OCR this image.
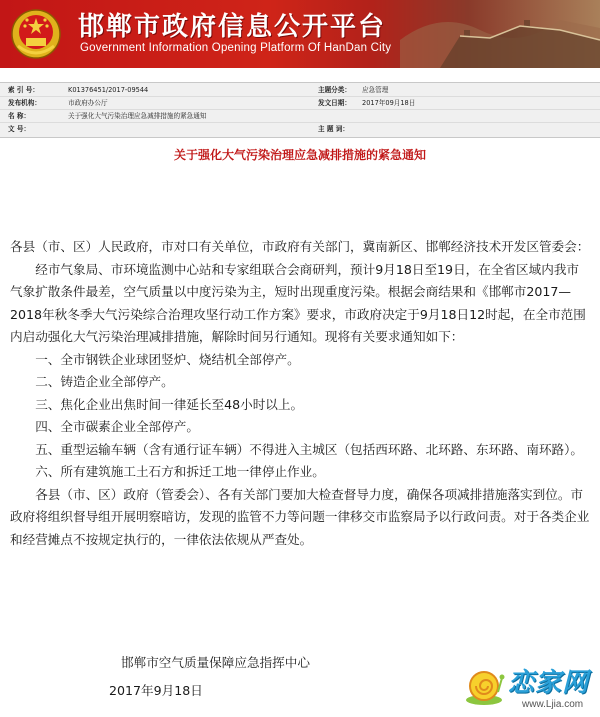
邯郸市政府信息公开平台
Government Information Opening Platform Of HanDan City
索 引 号：	K01376451/2017-09544	主题分类： 应急管理
发布机构：	市政府办公厅	发文日期： 2017年09月18日
名 称：	关于强化大气污染治理应急减排措施的紧急通知
文 号：	主 题 词：
关于强化大气污染治理应急减排措施的紧急通知

各县（市、区）人民政府，市对口有关单位，市政府有关部门，冀南新区、邯郸经济技术开发区管委会：

经市气象局、市环境监测中心站和专家组联合会商研判，预计9月18日至19日，在全省区域内我市气象扩散条件最差，空气质量以中度污染为主，短时出现重度污染。根据会商结果和《邯郸市2017—2018年秋冬季大气污染综合治理攻坚行动工作方案》要求，市政府决定于9月18日12时起，在全市范围内启动强化大气污染治理减排措施，解除时间另行通知。现将有关要求通知如下：

一、全市钢铁企业球团竖炉、烧结机全部停产。

二、铸造企业全部停产。

三、焦化企业出焦时间一律延长至48小时以上。

四、全市碳素企业全部停产。

五、重型运输车辆（含有通行证车辆）不得进入主城区（包括西环路、北环路、东环路、南环路）。

六、所有建筑施工土石方和拆迁工地一律停止作业。

各县（市、区）政府（管委会）、各有关部门要加大检查督导力度，确保各项减排措施落实到位。市政府将组织督导组开展明察暗访，发现的监管不力等问题一律移交市监察局予以行政问责。对于各类企业和经营摊点不按规定执行的，一律依法依规从严查处。

邯郸市空气质量保障应急指挥中心
2017年9月18日	恋家网
www.Ljia.com
